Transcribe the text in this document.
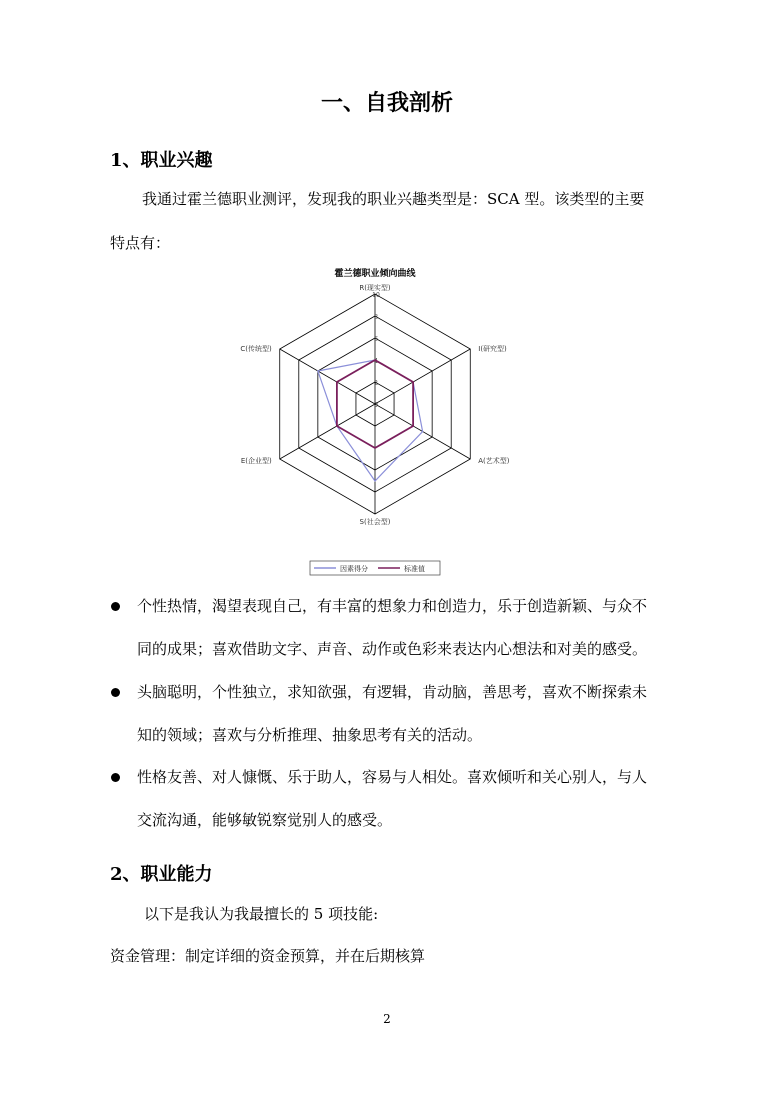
一、自我剖析
1、职业兴趣
我通过霍兰德职业测评，发现我的职业兴趣类型是：SCA 型。该类型的主要
特点有：
霍兰德职业倾向曲线
0
2
4
6
8
10
R(现实型)
I(研究型)
A(艺术型)
S(社会型)
E(企业型)
C(传统型)
因素得分	标准值
个性热情，渴望表现自己，有丰富的想象力和创造力，乐于创造新颖、与众不
同的成果；喜欢借助文字、声音、动作或色彩来表达内心想法和对美的感受。
头脑聪明，个性独立，求知欲强，有逻辑，肯动脑，善思考，喜欢不断探索未
知的领域；喜欢与分析推理、抽象思考有关的活动。
性格友善、对人慷慨、乐于助人，容易与人相处。喜欢倾听和关心别人，与人
交流沟通，能够敏锐察觉别人的感受。
2、职业能力
以下是我认为我最擅长的 5 项技能:
资金管理：制定详细的资金预算，并在后期核算
2
